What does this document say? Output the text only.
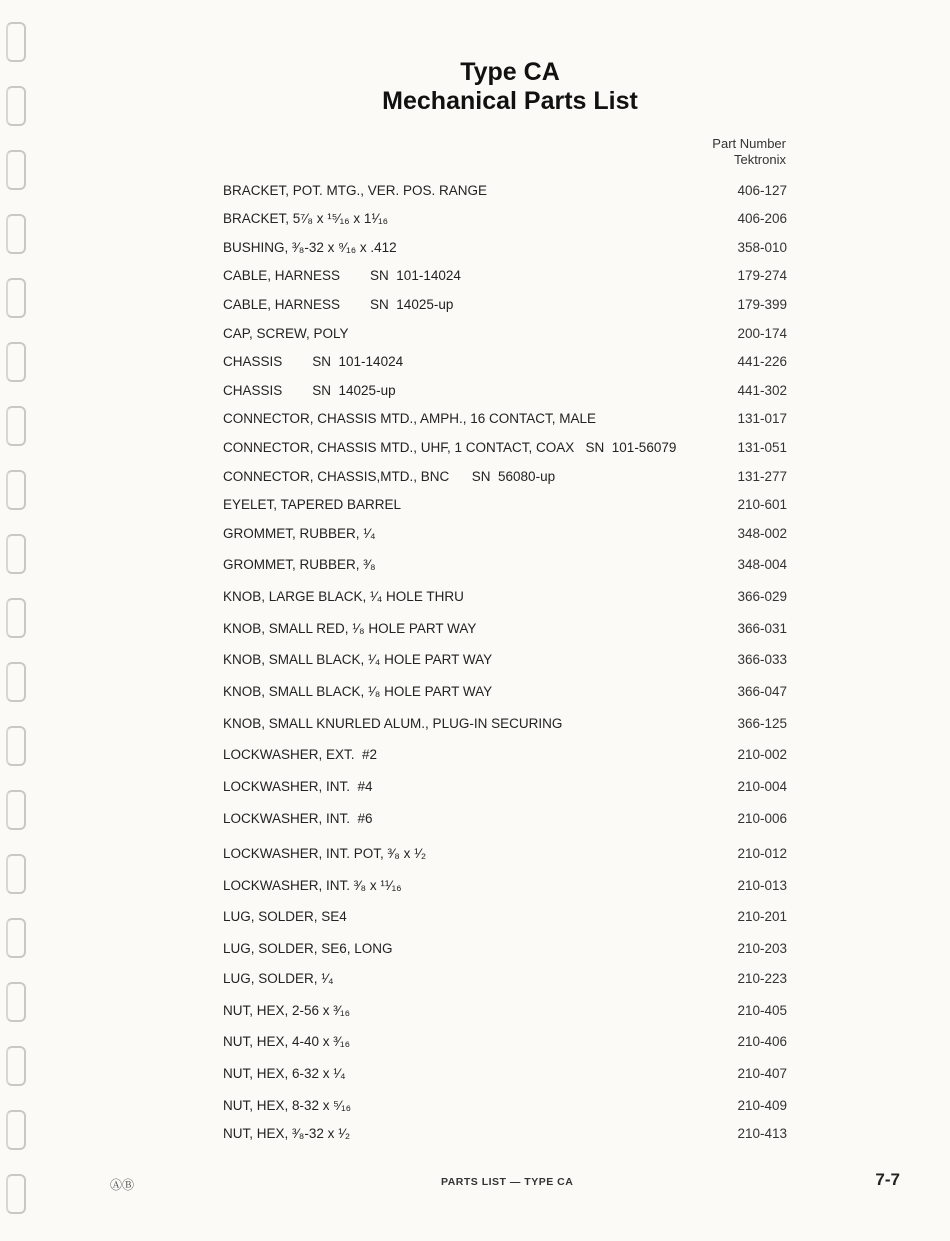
Type CA
Mechanical Parts List
Part Number
Tektronix
BRACKET, POT. MTG., VER. POS. RANGE	406-127
BRACKET, 5⁷⁄₈ x ¹⁵⁄₁₆ x 1¹⁄₁₆	406-206
BUSHING, ³⁄₈-32 x ⁹⁄₁₆ x .412	358-010
CABLE, HARNESS        SN  101-14024	179-274
CABLE, HARNESS        SN  14025-up	179-399
CAP, SCREW, POLY	200-174
CHASSIS        SN  101-14024	441-226
CHASSIS        SN  14025-up	441-302
CONNECTOR, CHASSIS MTD., AMPH., 16 CONTACT, MALE	131-017
CONNECTOR, CHASSIS MTD., UHF, 1 CONTACT, COAX   SN  101-56079	131-051
CONNECTOR, CHASSIS,MTD., BNC      SN  56080-up	131-277
EYELET, TAPERED BARREL	210-601
GROMMET, RUBBER, ¹⁄₄	348-002
GROMMET, RUBBER, ³⁄₈	348-004
KNOB, LARGE BLACK, ¹⁄₄ HOLE THRU	366-029
KNOB, SMALL RED, ¹⁄₈ HOLE PART WAY	366-031
KNOB, SMALL BLACK, ¹⁄₄ HOLE PART WAY	366-033
KNOB, SMALL BLACK, ¹⁄₈ HOLE PART WAY	366-047
KNOB, SMALL KNURLED ALUM., PLUG-IN SECURING	366-125
LOCKWASHER, EXT.  #2	210-002
LOCKWASHER, INT.  #4	210-004
LOCKWASHER, INT.  #6	210-006
LOCKWASHER, INT. POT, ³⁄₈ x ¹⁄₂	210-012
LOCKWASHER, INT. ³⁄₈ x ¹¹⁄₁₆	210-013
LUG, SOLDER, SE4	210-201
LUG, SOLDER, SE6, LONG	210-203
LUG, SOLDER, ¹⁄₄	210-223
NUT, HEX, 2-56 x ³⁄₁₆	210-405
NUT, HEX, 4-40 x ³⁄₁₆	210-406
NUT, HEX, 6-32 x ¹⁄₄	210-407
NUT, HEX, 8-32 x ⁵⁄₁₆	210-409
NUT, HEX, ³⁄₈-32 x ¹⁄₂	210-413
ⒶⒷ	PARTS LIST — TYPE CA	7-7
